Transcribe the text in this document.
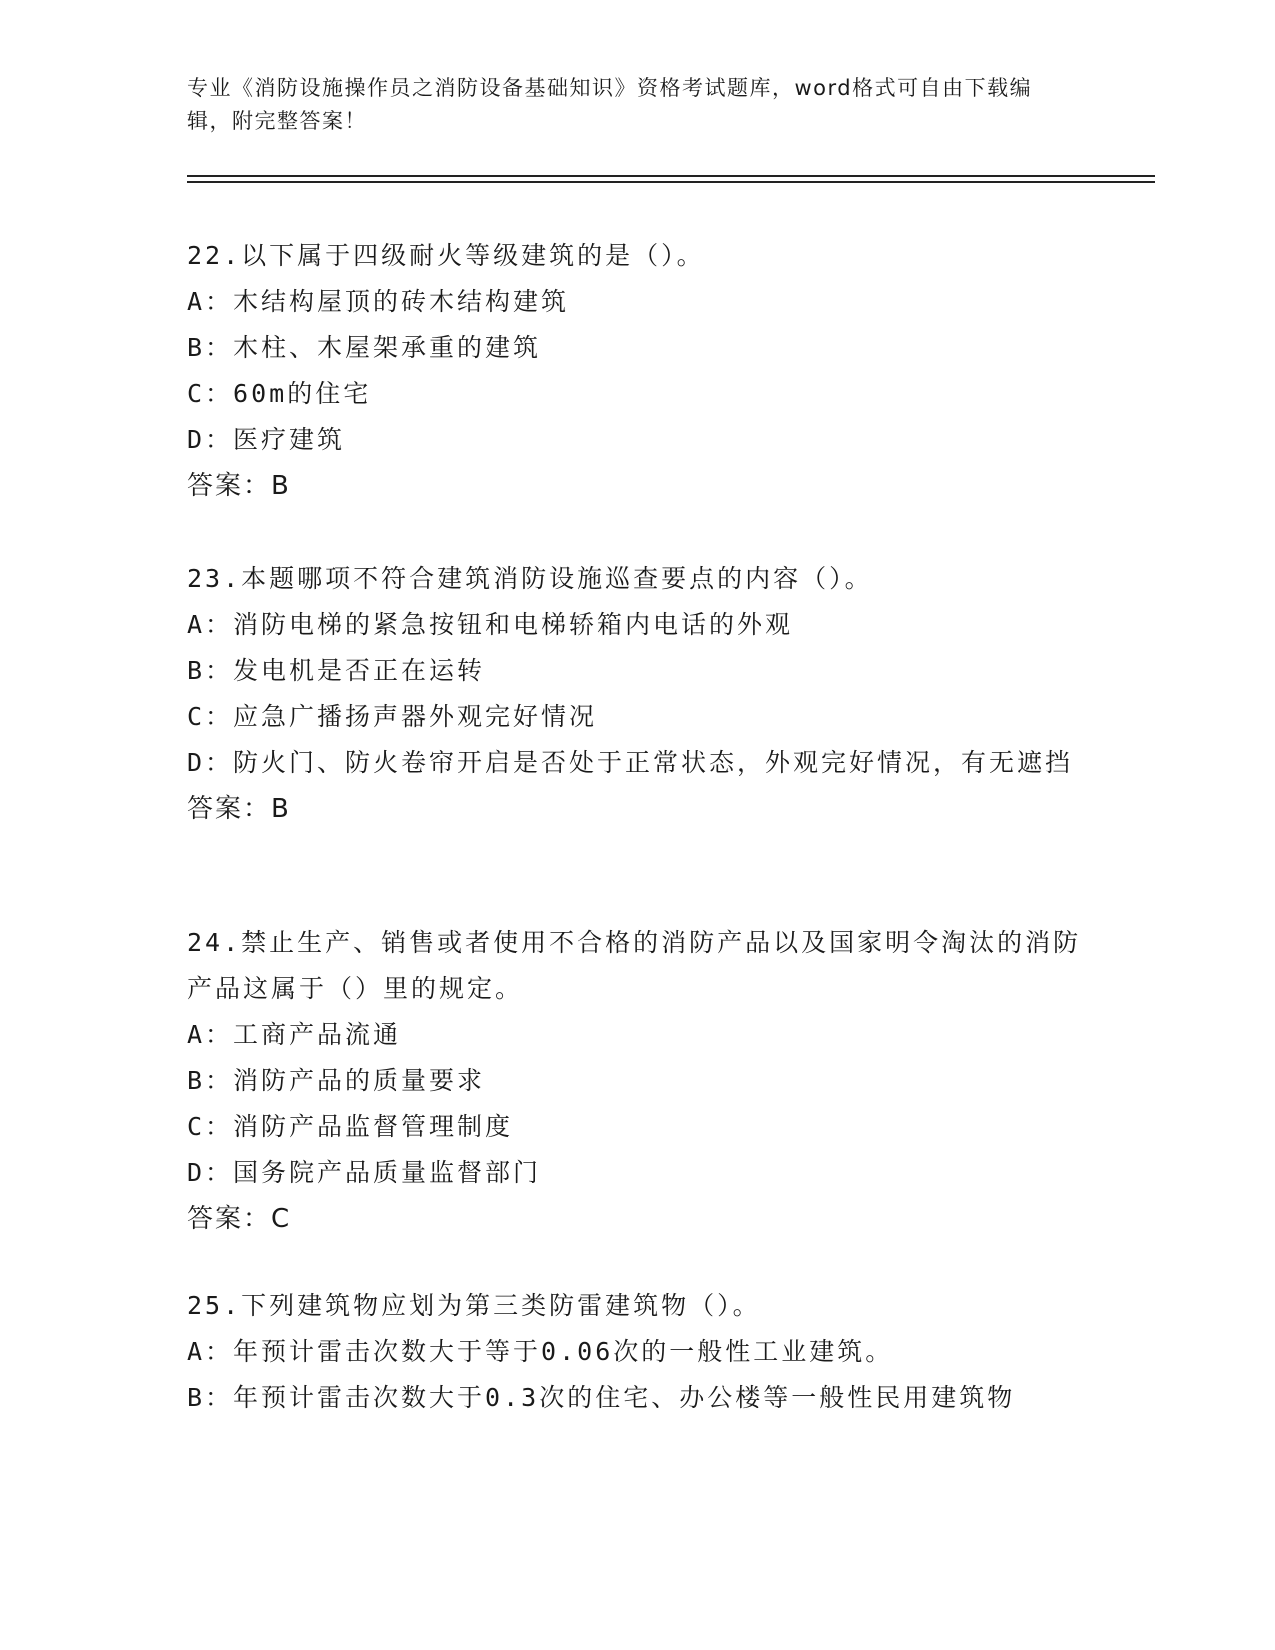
专业《消防设施操作员之消防设备基础知识》资格考试题库，word格式可自由下载编辑，附完整答案！
22.以下属于四级耐火等级建筑的是（）。
A：木结构屋顶的砖木结构建筑
B：木柱、木屋架承重的建筑
C：60m的住宅
D：医疗建筑
答案：B
23.本题哪项不符合建筑消防设施巡查要点的内容（）。
A：消防电梯的紧急按钮和电梯轿箱内电话的外观
B：发电机是否正在运转
C：应急广播扬声器外观完好情况
D：防火门、防火卷帘开启是否处于正常状态，外观完好情况，有无遮挡
答案：B
24.禁止生产、销售或者使用不合格的消防产品以及国家明令淘汰的消防产品这属于（）里的规定。
A：工商产品流通
B：消防产品的质量要求
C：消防产品监督管理制度
D：国务院产品质量监督部门
答案：C
25.下列建筑物应划为第三类防雷建筑物（）。
A：年预计雷击次数大于等于0.06次的一般性工业建筑。
B：年预计雷击次数大于0.3次的住宅、办公楼等一般性民用建筑物
